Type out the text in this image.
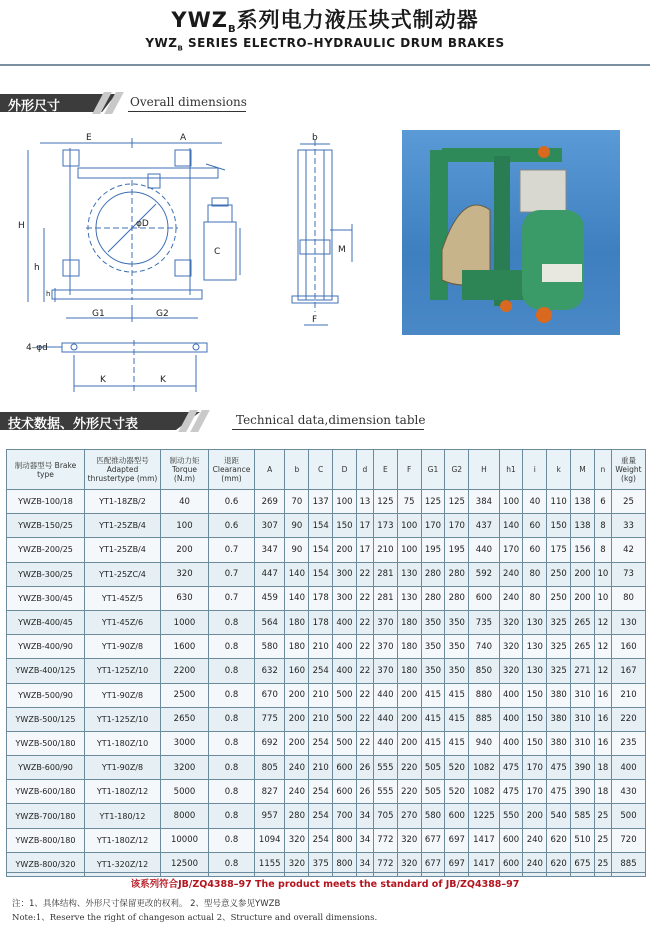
$YWZ_B$系列电力液压块式制动器
$YWZ_B$ SERIES ELECTRO–HYDRAULIC DRUM BRAKES
外形尺寸	Overall dimensions
E	A	b
H
h
h
φD
C	M
G1	G2
F
4–φd
K	K
技术数据、外形尺寸表	Technical data,dimension table
制动器型号 Brake type	匹配推动器型号 Adapted thrustertype (mm)	制动力矩 Torque (N.m)	退距 Clearance (mm)	A	b	C	D	d	E	F	G1	G2	H	h1	i	k	M	n	重量 Weight (kg)
YWZB-100/18	YT1-18ZB/2	40	0.6	269	70	137	100	13	125	75	125	125	384	100	40	110	138	6	25
YWZB-150/25	YT1-25ZB/4	100	0.6	307	90	154	150	17	173	100	170	170	437	140	60	150	138	8	33
YWZB-200/25	YT1-25ZB/4	200	0.7	347	90	154	200	17	210	100	195	195	440	170	60	175	156	8	42
YWZB-300/25	YT1-25ZC/4	320	0.7	447	140	154	300	22	281	130	280	280	592	240	80	250	200	10	73
YWZB-300/45	YT1-45Z/5	630	0.7	459	140	178	300	22	281	130	280	280	600	240	80	250	200	10	80
YWZB-400/45	YT1-45Z/6	1000	0.8	564	180	178	400	22	370	180	350	350	735	320	130	325	265	12	130
YWZB-400/90	YT1-90Z/8	1600	0.8	580	180	210	400	22	370	180	350	350	740	320	130	325	265	12	160
YWZB-400/125	YT1-125Z/10	2200	0.8	632	160	254	400	22	370	180	350	350	850	320	130	325	271	12	167
YWZB-500/90	YT1-90Z/8	2500	0.8	670	200	210	500	22	440	200	415	415	880	400	150	380	310	16	210
YWZB-500/125	YT1-125Z/10	2650	0.8	775	200	210	500	22	440	200	415	415	885	400	150	380	310	16	220
YWZB-500/180	YT1-180Z/10	3000	0.8	692	200	254	500	22	440	200	415	415	940	400	150	380	310	16	235
YWZB-600/90	YT1-90Z/8	3200	0.8	805	240	210	600	26	555	220	505	520	1082	475	170	475	390	18	400
YWZB-600/180	YT1-180Z/12	5000	0.8	827	240	254	600	26	555	220	505	520	1082	475	170	475	390	18	430
YWZB-700/180	YT1-180/12	8000	0.8	957	280	254	700	34	705	270	580	600	1225	550	200	540	585	25	500
YWZB-800/180	YT1-180Z/12	10000	0.8	1094	320	254	800	34	772	320	677	697	1417	600	240	620	510	25	720
YWZB-800/320	YT1-320Z/12	12500	0.8	1155	320	375	800	34	772	320	677	697	1417	600	240	620	675	25	885
该系列符合JB/ZQ4388–97 The product meets the standard of JB/ZQ4388–97
注：1、具体结构、外形尺寸保留更改的权利。 2、型号意义参见YWZB
Note:1、Reserve the right of changeson actual 2、Structure and overall dimensions.
